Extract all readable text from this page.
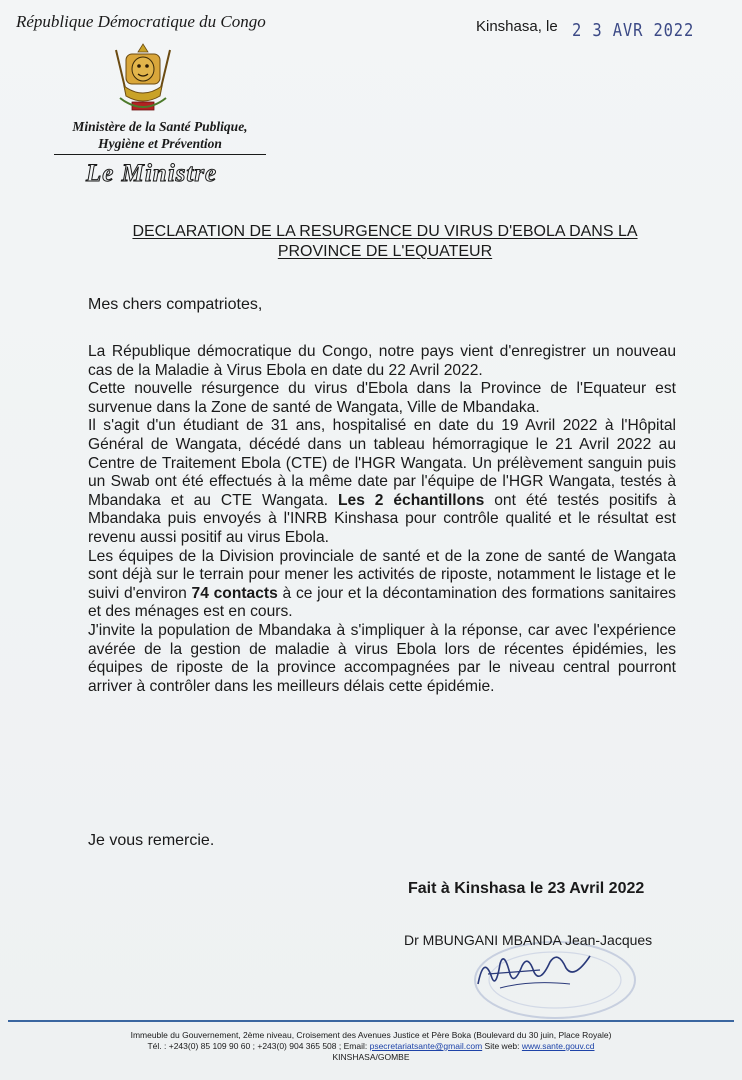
République Démocratique du Congo	Kinshasa, le 2 3 AVR 2022
Ministère de la Santé Publique,
Hygiène et Prévention
Le Ministre
DECLARATION DE LA RESURGENCE DU VIRUS D'EBOLA DANS LA
PROVINCE DE L'EQUATEUR
Mes chers compatriotes,

La République démocratique du Congo, notre pays vient d'enregistrer un nouveau cas de la Maladie à Virus Ebola en date du 22 Avril 2022.

Cette nouvelle résurgence du virus d'Ebola dans la Province de l'Equateur est survenue dans la Zone de santé de Wangata, Ville de Mbandaka.

Il s'agit d'un étudiant de 31 ans, hospitalisé en date du 19 Avril 2022 à l'Hôpital Général de Wangata, décédé dans un tableau hémorragique le 21 Avril 2022 au Centre de Traitement Ebola (CTE) de l'HGR Wangata. Un prélèvement sanguin puis un Swab ont été effectués à la même date par l'équipe de l'HGR Wangata, testés à Mbandaka et au CTE Wangata. Les 2 échantillons ont été testés positifs à Mbandaka puis envoyés à l'INRB Kinshasa pour contrôle qualité et le résultat est revenu aussi positif au virus Ebola.

Les équipes de la Division provinciale de santé et de la zone de santé de Wangata sont déjà sur le terrain pour mener les activités de riposte, notamment le listage et le suivi d'environ 74 contacts à ce jour et la décontamination des formations sanitaires et des ménages est en cours.

J'invite la population de Mbandaka à s'impliquer à la réponse, car avec l'expérience avérée de la gestion de maladie à virus Ebola lors de récentes épidémies, les équipes de riposte de la province accompagnées par le niveau central pourront arriver à contrôler dans les meilleurs délais cette épidémie.

Je vous remercie.
Fait à Kinshasa le 23 Avril 2022
Dr MBUNGANI MBANDA Jean-Jacques
Immeuble du Gouvernement, 2ème niveau, Croisement des Avenues Justice et Père Boka (Boulevard du 30 juin, Place Royale)
Tél. : +243(0) 85 109 90 60 ; +243(0) 904 365 508 ; Email: psecretariatsante@gmail.com Site web: www.sante.gouv.cd
KINSHASA/GOMBE
